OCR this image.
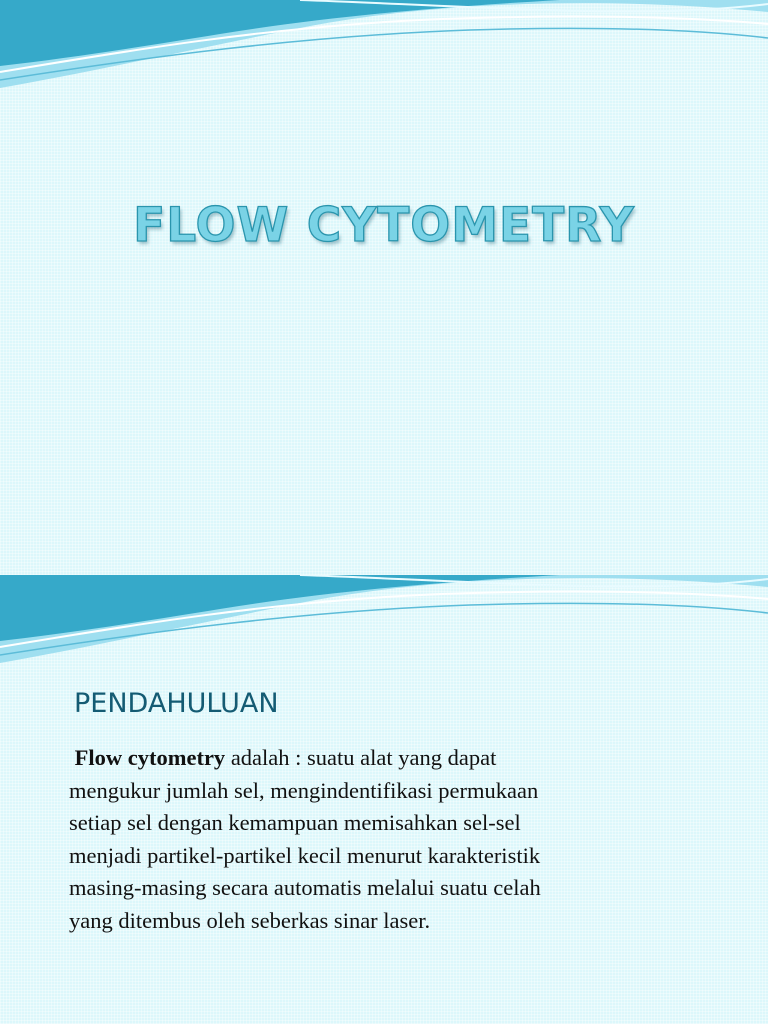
FLOW CYTOMETRY
PENDAHULUAN
Flow cytometry adalah : suatu alat yang dapat
mengukur jumlah sel, mengindentifikasi permukaan
setiap sel dengan kemampuan memisahkan sel-sel
menjadi partikel-partikel kecil menurut karakteristik
masing-masing secara automatis melalui suatu celah
yang ditembus oleh seberkas sinar laser.
